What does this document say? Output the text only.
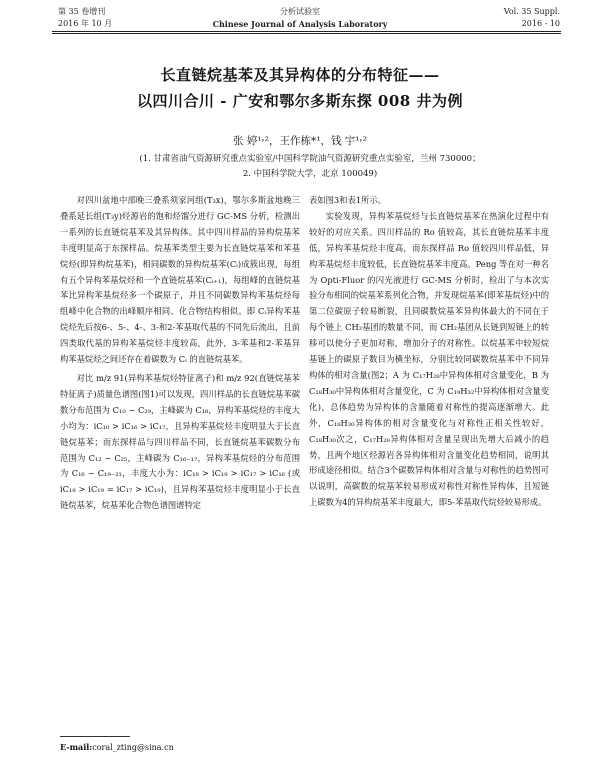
第 35 卷增刊
2016 年 10 月
分析试验室
Chinese Journal of Analysis Laboratory
Vol. 35 Suppl.
2016 - 10
长直链烷基苯及其异构体的分布特征——
以四川合川 - 广安和鄂尔多斯东探 008 井为例
张 婷¹˒²，王作栋*¹，钱 宇¹˒²
(1. 甘肃省油气资源研究重点实验室/中国科学院油气资源研究重点实验室，兰州 730000；
2. 中国科学院大学，北京 100049)

对四川盆地中部晚三叠系须家河组(T₃x)，鄂尔多斯盆地晚三叠系延长组(T₃y)烃源岩的饱和烃馏分进行 GC-MS 分析，检测出一系列的长直链烷基苯及其异构体。其中四川样品的异构烷基苯丰度明显高于东探样品。烷基苯类型主要为长直链烷基苯和苯基烷烃(即异构烷基苯)，相同碳数的异构烷基苯(Cᵢ)成簇出现，每组有五个异构苯基烷烃和一个直链烷基苯(Cᵢ₊₁)，每组峰的直链烷基苯比异构苯基烷烃多一个碳原子，并且不同碳数异构苯基烷烃每组峰中化合物的出峰顺序相同、化合物结构相似。即 Cᵢ异构苯基烷烃先后按6-、5-、4-、3-和2-苯基取代基的不同先后流出，且前四类取代基的异构苯基烷烃丰度较高，此外，3-苯基和2-苯基异构苯基烷烃之间还存在着碳数为 Cᵢ 的直链烷基苯。

对比 m/z 91(异构苯基烷烃特征离子)和 m/z 92(直链烷基苯特征离子)质量色谱图(图1)可以发现，四川样品的长直链烷基苯碳数分布范围为 C₁₀ ~ C₂₉，主峰碳为 C₁₈，异构苯基烷烃的丰度大小均为：iC₁₀ > iC₁₆ > iC₁₇，且异构苯基烷烃丰度明显大于长直链烷基苯；而东探样品与四川样品不同，长直链烷基苯碳数分布范围为 C₁₂ ~ C₂₅，主峰碳为 C₁₆₋₁₇，异构苯基烷烃的分布范围为 C₁₆ ~ C₁₉₋₂₁，丰度大小为：iC₁₈ > iC₁₉ > iC₁₇ > iC₁₆ (或 iC₁₈ > iC₁₉ = iC₁₇ > iC₁₉)，且异构苯基烷烃丰度明显小于长直链烷基苯，烷基苯化合物色谱图谱特定

表如图3和表1所示。

实验发现，异构苯基烷烃与长直链烷基苯在热演化过程中有较好的对应关系。四川样品的 Ro 值较高，其长直链烷基苯丰度低，异构苯基烷烃丰度高，而东探样品 Ro 值较四川样品低，异构苯基烷烃丰度较低，长直链烷基苯丰度高。Peng 等在对一种名为 Opti-Fluor 的闪光液进行 GC-MS 分析时，检出了与本次实验分布相同的烷基苯系列化合物，并发现烷基苯(即苯基烷烃)中的第二位碳原子较易断裂，且同碳数烷基苯异构体最大的不同在于每个链上 CH₂基团的数量不同，而 CH₂基团从长链到短链上的转移可以使分子更加对称，增加分子的对称性。以烷基苯中较短烷基链上的碳原子数目为横坐标，分别比较同碳数烷基苯中不同异构体的相对含量(图2；A 为 C₁₇H₂₈中异构体相对含量变化，B 为 C₁₈H₃₀中异构体相对含量变化，C 为 C₁₉H₃₂中异构体相对含量变化)，总体趋势为异构体的含量随着对称性的提高逐渐增大。此外，C₁₈H₃₀异构体的相对含量变化与对称性正相关性较好，C₁₈H₃₀次之，C₁₇H₂₈异构体相对含量呈现出先增大后减小的趋势，且两个地区烃源岩各异构体相对含量变化趋势相同，说明其形成途径相似。结合3个碳数异构体相对含量与对称性的趋势图可以说明，高碳数的烷基苯较易形成对称性对称性异构体，且短链上碳数为4的异构烷基苯丰度最大，即5-苯基取代烷烃较易形成。

E-mail:coral_zting@sina.cn
